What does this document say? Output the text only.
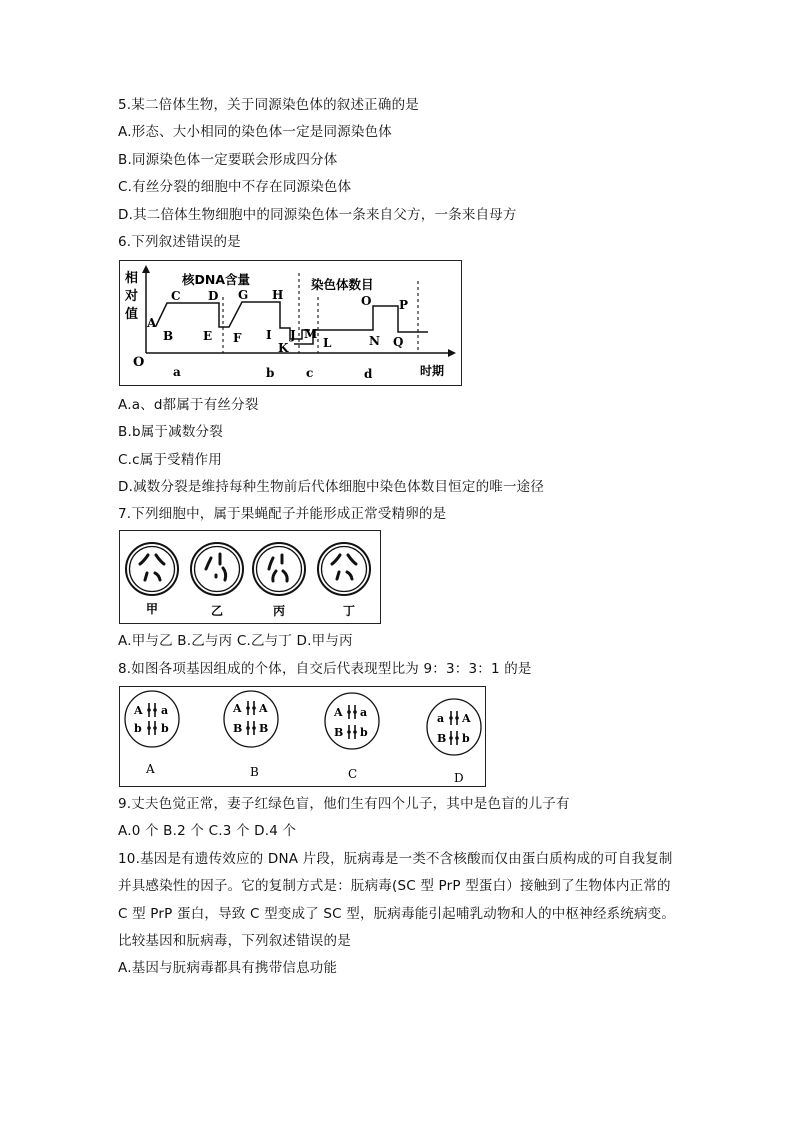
5.某二倍体生物，关于同源染色体的叙述正确的是
A.形态、大小相同的染色体一定是同源染色体
B.同源染色体一定要联会形成四分体
C.有丝分裂的细胞中不存在同源染色体
D.其二倍体生物细胞中的同源染色体一条来自父方，一条来自母方
6.下列叙述错误的是
相
对
值
O
时期
核DNA含量	染色体数目
A
B
C D
E F
G H
I J
K
M
L
O
N
P
Q
a	b	c	d
A.a、d都属于有丝分裂
B.b属于减数分裂
C.c属于受精作用
D.减数分裂是维持每种生物前后代体细胞中染色体数目恒定的唯一途径
7.下列细胞中，属于果蝇配子并能形成正常受精卵的是
甲	乙	丙	丁
A.甲与乙 B.乙与丙 C.乙与丁 D.甲与丙
8.如图各项基因组成的个体，自交后代表现型比为 9：3：3：1 的是
A a
b b
A A
B B
A a
B b
a A
B b
A	B	C	D
9.丈夫色觉正常，妻子红绿色盲，他们生有四个儿子，其中是色盲的儿子有
A.0 个 B.2 个 C.3 个 D.4 个
10.基因是有遗传效应的 DNA 片段，朊病毒是一类不含核酸而仅由蛋白质构成的可自我复制
并具感染性的因子。它的复制方式是：朊病毒(SC 型 PrP 型蛋白）接触到了生物体内正常的
C 型 PrP 蛋白，导致 C 型变成了 SC 型，朊病毒能引起哺乳动物和人的中枢神经系统病变。
比较基因和朊病毒，下列叙述错误的是
A.基因与朊病毒都具有携带信息功能
